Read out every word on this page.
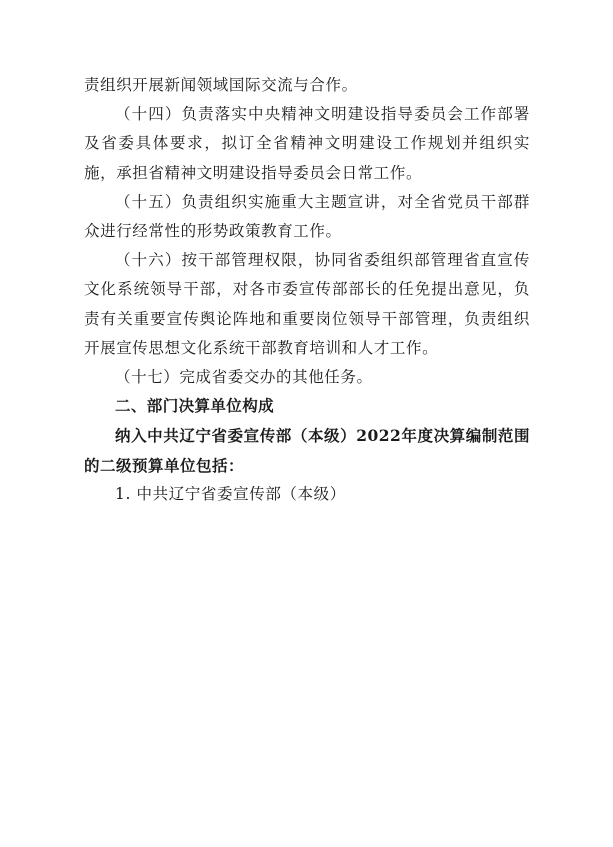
责组织开展新闻领域国际交流与合作。

（十四）负责落实中央精神文明建设指导委员会工作部署及省委具体要求，拟订全省精神文明建设工作规划并组织实施，承担省精神文明建设指导委员会日常工作。

（十五）负责组织实施重大主题宣讲，对全省党员干部群众进行经常性的形势政策教育工作。

（十六）按干部管理权限，协同省委组织部管理省直宣传文化系统领导干部，对各市委宣传部部长的任免提出意见，负责有关重要宣传舆论阵地和重要岗位领导干部管理，负责组织开展宣传思想文化系统干部教育培训和人才工作。

（十七）完成省委交办的其他任务。

二、部门决算单位构成

纳入中共辽宁省委宣传部（本级）2022年度决算编制范围的二级预算单位包括：

1. 中共辽宁省委宣传部（本级）
